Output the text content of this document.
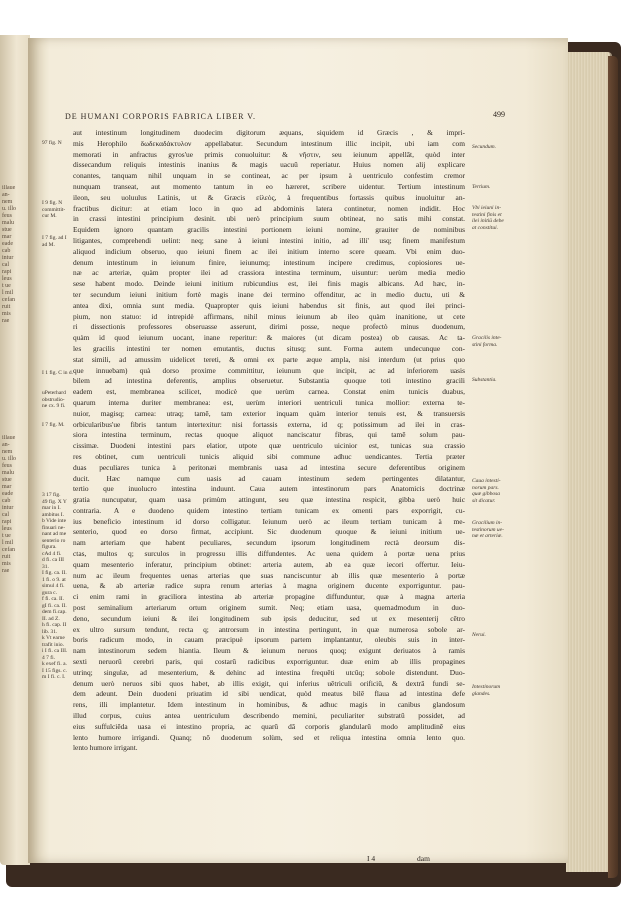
illaue
an-
nem
u. illo
feus
malu
stue
mar
eade
cab
intur
cal
rapi
leus
t ue
l mil
cefan
ruit
mis
rae
illaue
an-
nem
u. illo
feus
malu
stue
mar
eade
cab
intur
cal
rapi
leus
t ue
l mil
cefan
ruit
mis
rae
DE HUMANI CORPORIS FABRICA LIBER V.	499
aut intestinum longitudinem duodecim digitorum æquans, siquidem id Græcis , & impri-
mis Herophilo δωδεκαδάκτυλον appellabatur. Secundum intestinum illic incipit, ubi iam com
memorati in anfractus gyros'ue primis conuoluitur: & νῆστιν, seu ieiunum appellāt, quòd inter
dissecandum reliquis intestinis inanius & magis uacuū reperiatur. Huius nomen alij explicare
conantes, tanquam nihil unquam in se contineat, ac per ipsum à uentriculo confestim cremor
nunquam transeat, aut momento tantum in eo hæreret, scribere uidentur. Tertium intestinum
ileon, seu uoluulus Latinis, ut & Græcis εἰλεὸς, à frequentibus fortassis quibus inuoluitur an-
fractibus dicitur: at etiam loco in quo ad abdominis latera continetur, nomen indidit. Hoc
in crassi intestini principium desinit. ubi uerò principium suum obtineat, no satis mihi constat.
Equidem ignoro quantam gracilis intestini portionem ieiuni nomine, grauiter de nominibus
litigantes, comprehendi uelint: neq; sane à ieiuni intestini initio, ad illi' usq; finem manifestum
aliquod indicium obseruo, quo ieiuni finem ac ilei initium interno scere queam. Vbi enim duo-
denum intestinum in ieiunum finire, ieiunumq; intestinum incipere credimus, copiosiores ue-
næ ac arteriæ, quàm propter ilei ad crassiora intestina terminum, uisuntur: uerùm media medio
sese habent modo. Deinde ieiuni initium rubicundius est, ilei finis magis albicans. Ad hæc, in-
ter secundum ieiuni initium fortè magis inane dei termino offenditur, ac in medio ductu, uti &
antea dixi, omnia sunt media. Quapropter quis ieiuni habendus sit finis, aut quod ilei princi-
pium, non statuo: id intrepidè affirmans, nihil minus ieiunum ab ileo quàm inanitione, ut cete
ri dissectionis professores obseruasse asserunt, dirimi posse, neque profectò minus duodenum,
quàm id quod ieiunum uocant, inane reperitur: & maiores (ut dicam postea) ob causas. Ac ta-
les gracilis intestini ter nomen emutantis, ductus situsq; sunt. Forma autem undecunque con-
stat simili, ad amussim uidelicet tereti, & omni ex parte æque ampla, nisi interdum (ut prius quo
que innuebam) quà dorso proxime committitur, ieiunum que incipit, ac ad inferiorem uasis
bilem ad intestina deferentis, amplius obseruetur. Substantia quoque toti intestino gracili
eadem est, membranea scilicet, modicè que uerùm carnea. Constat enim tunicis duabus,
quarum interna duriter membranea: est, uerùm interiori uentriculi tunica mollior: externa te-
nuior, magisq; carnea: utraq; tamē, tam exterior inquam quàm interior tenuis est, & transuersis
orbicularibus'ue fibris tantum intertexitur: nisi fortassis externa, id q; potissimum ad ilei in cras-
siora intestina terminum, rectas quoque aliquot nanciscatur fibras, qui tamē solum pau-
cissimæ. Duodeni intestini pars elatior, utpote quæ uentriculo uicinior est, tunicas sua crassio
res obtinet, cum uentriculi tunicis aliquid sibi commune adhuc uendicantes. Tertia præter
duas peculiares tunica à peritonæi membranis uasa ad intestina secure deferentibus originem
ducit. Hæc namque cum uasis ad cauam intestinum sedem pertingentes dilatantur,
tertio que inuolucro intestina induunt. Caua autem intestinorum pars Anatomicis doctrinæ
gratia nuncupatur, quam uasa primùm attingunt, seu quæ intestina respicit, gibba uerò huic
contraria. A e duodeno quidem intestino tertiam tunicam ex omenti pars exporrigit, cu-
ius beneficio intestinum id dorso colligatur. Ieiunum uerò ac ileum tertiam tunicam à me-
senterio, quod eo dorso firmat, accipiunt. Sic duodenum quoque & ieiuni initium ue-
nam arteriam que habent peculiares, secundum ipsorum longitudinem rectà deorsum dis-
ctas, multos q; surculos in progressu illis diffundentes. Ac uena quidem à portæ uena prius
quam mesenterio inferatur, principium obtinet: arteria autem, ab ea quæ iecori offertur. Ieiu-
num ac ileum frequentes uenas arterias que suas nanciscuntur ab illis quæ mesenterio à portæ
uena, & ab arteriæ radice supra renum arterias à magna originem ducente exporriguntur. pau-
ci enim rami in graciliora intestina ab arteriæ propagine diffunduntur, quæ à magna arteria
post seminalium arteriarum ortum originem sumit. Neq; etiam uasa, quemadmodum in duo-
deno, secundum ieiuni & ilei longitudinem sub ipsis deducitur, sed ut ex mesenterij cētro
ex ultro sursum tendunt, recta q; antrorsum in intestina pertingunt, in quæ numerosa sobole ar-
boris radicum modo, in cauam præcipuè ipsorum partem implantantur, oleubis suis in inter-
nam intestinorum sedem hiantia. Ileum & ieiunum neruos quoq; exigunt deriuatos à ramis
sexti neruorū cerebri paris, qui costarū radicibus exporriguntur. duæ enim ab illis propagines
utrinq; singulæ, ad mesenterium, & dehinc ad intestina frequēti utcūq; sobole distendunt. Duo-
denum uerò neruos sibi quos habet, ab illis exigit, qui inferius uētriculi orificiū, & dextrā fundi se-
dem adeunt. Dein duodeni priuatim id sibi uendicat, quòd meatus bilē flaua ad intestina defe
rens, illi implantetur. Idem intestinum in hominibus, & adhuc magis in canibus glandosum
illud corpus, cuius antea uentriculum describendo memini, peculiariter substratū possidet, ad
eius suffulciēda uasa ei intestino propria, ac quarū dā corporis glandularū modo amplitudinē eius
lento humore irrigandi. Quanq; nō duodenum solùm, sed et reliqua intestina omnia lento quo.
lento humore irrigant.
97 fig. N
I 9 fig. N
committit-
cur M.
I 7 fig. ad I
ad M.
I 1 fig. C in d.
uPeterhard
obstrudio-
ne cx. 9 fi.
I 7 fig. M.
3 17 fig.
49 fig. X Y
mar in I.
ambitus I.
b Vide inte
finuari ne-
nant ad me
senterio ro
figura.
cAd 4 fi.
d fi. ca III
31.
I fig. ca. II.
1 fi. o 9. at
simul 4 fi.
gura c.
f fi. ca. II.
gI fi. ca. II.
dem fi.cap.
II. ad Z.
h fi. cap. II
lib. 31.
k Vt earne
trafit inio.
i I fi. ca III.
4 7 fi.
k exef fi. a.
I 15 figs. c.
m I fi. c. I.
Secundum.
Tertium.
Vbi ieiuni in-
testini finis et
ilei initiū debe
at constitui.
Gracilis inte-
stini forma.
Substantia.
Caua intesti-
norum pars.
quæ gibbosa
sit dicatur.
Gracilium in-
testinorum ue-
næ et arteriæ.
Nerui.
Intestinorum
glandes.
I 4	dam
